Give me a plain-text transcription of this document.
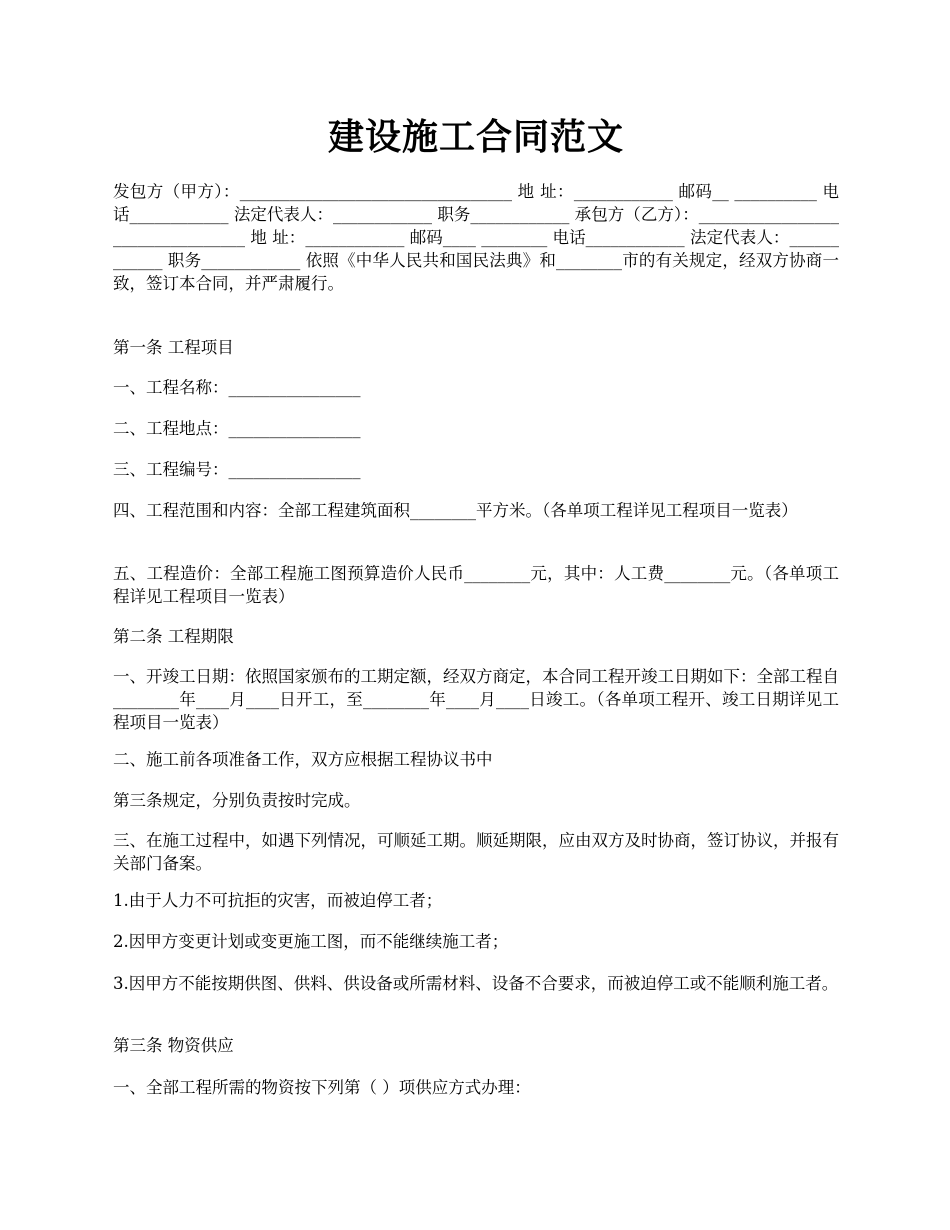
建设施工合同范文
发包方（甲方）：_________________________________ 地 址：____________ 邮码__ __________ 电话____________ 法定代表人：____________ 职务____________ 承包方（乙方）：_________________________________ 地 址：____________ 邮码____ ________ 电话____________ 法定代表人：____________ 职务____________ 依照《中华人民共和国民法典》和________市的有关规定，经双方协商一致，签订本合同，并严肃履行。
第一条 工程项目
一、工程名称：________________
二、工程地点：________________
三、工程编号：________________
四、工程范围和内容：全部工程建筑面积________平方米。（各单项工程详见工程项目一览表）
五、工程造价：全部工程施工图预算造价人民币________元，其中：人工费________元。（各单项工程详见工程项目一览表）
第二条 工程期限
一、开竣工日期：依照国家颁布的工期定额，经双方商定，本合同工程开竣工日期如下：全部工程自________年____月____日开工，至________年____月____日竣工。（各单项工程开、竣工日期详见工程项目一览表）
二、施工前各项准备工作，双方应根据工程协议书中
第三条规定，分别负责按时完成。
三、在施工过程中，如遇下列情况，可顺延工期。顺延期限，应由双方及时协商，签订协议，并报有关部门备案。
1.由于人力不可抗拒的灾害，而被迫停工者；
2.因甲方变更计划或变更施工图，而不能继续施工者；
3.因甲方不能按期供图、供料、供设备或所需材料、设备不合要求，而被迫停工或不能顺利施工者。
第三条 物资供应
一、全部工程所需的物资按下列第（ ）项供应方式办理：
